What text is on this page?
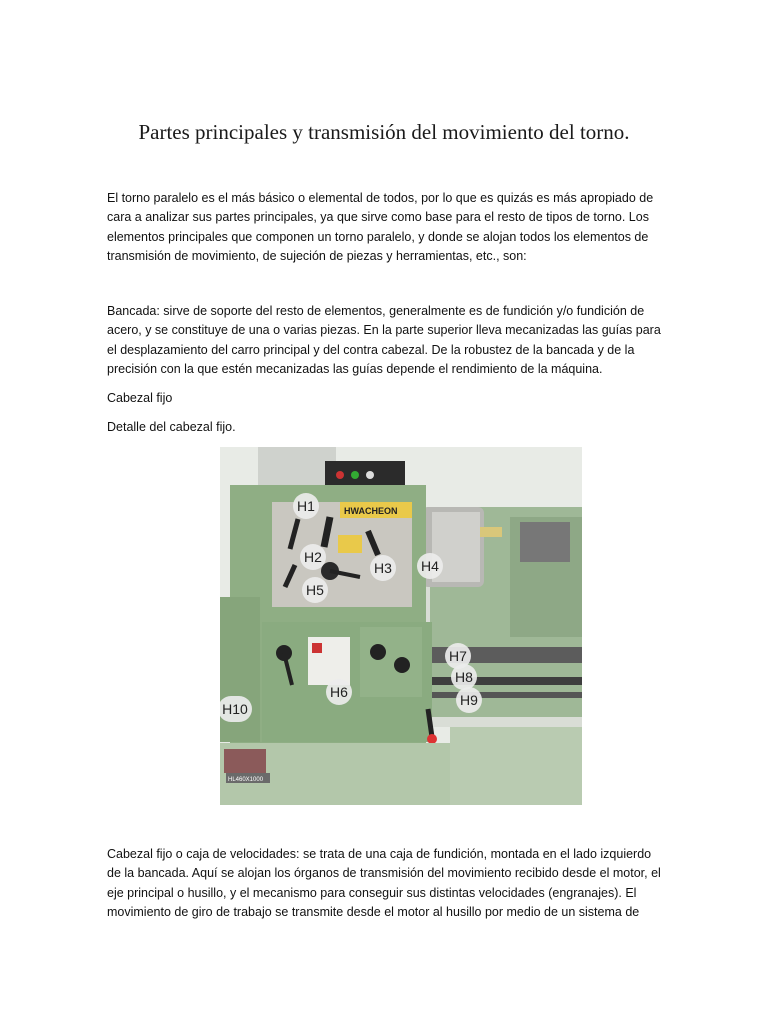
Partes principales y transmisión del movimiento del torno.
El torno paralelo es el más básico o elemental de todos, por lo que es quizás es más apropiado de cara a analizar sus partes principales, ya que sirve como base para el resto de tipos de torno. Los elementos principales que componen un torno paralelo, y donde se alojan todos los elementos de transmisión de movimiento, de sujeción de piezas y herramientas, etc., son:
Bancada: sirve de soporte del resto de elementos, generalmente es de fundición y/o fundición de acero, y se constituye de una o varias piezas. En la parte superior lleva mecanizadas las guías para el desplazamiento del carro principal y del contra cabezal. De la robustez de la bancada y de la precisión con la que estén mecanizadas las guías depende el rendimiento de la máquina.
Cabezal fijo
Detalle del cabezal fijo.
HL460X1000
HWACHEON
H1
H2
H3 H4
H5
H6
H7
H8
H9
H10
Cabezal fijo o caja de velocidades: se trata de una caja de fundición, montada en el lado izquierdo de la bancada. Aquí se alojan los órganos de transmisión del movimiento recibido desde el motor, el eje principal o husillo, y el mecanismo para conseguir sus distintas velocidades (engranajes). El movimiento de giro de trabajo se transmite desde el motor al husillo por medio de un sistema de
